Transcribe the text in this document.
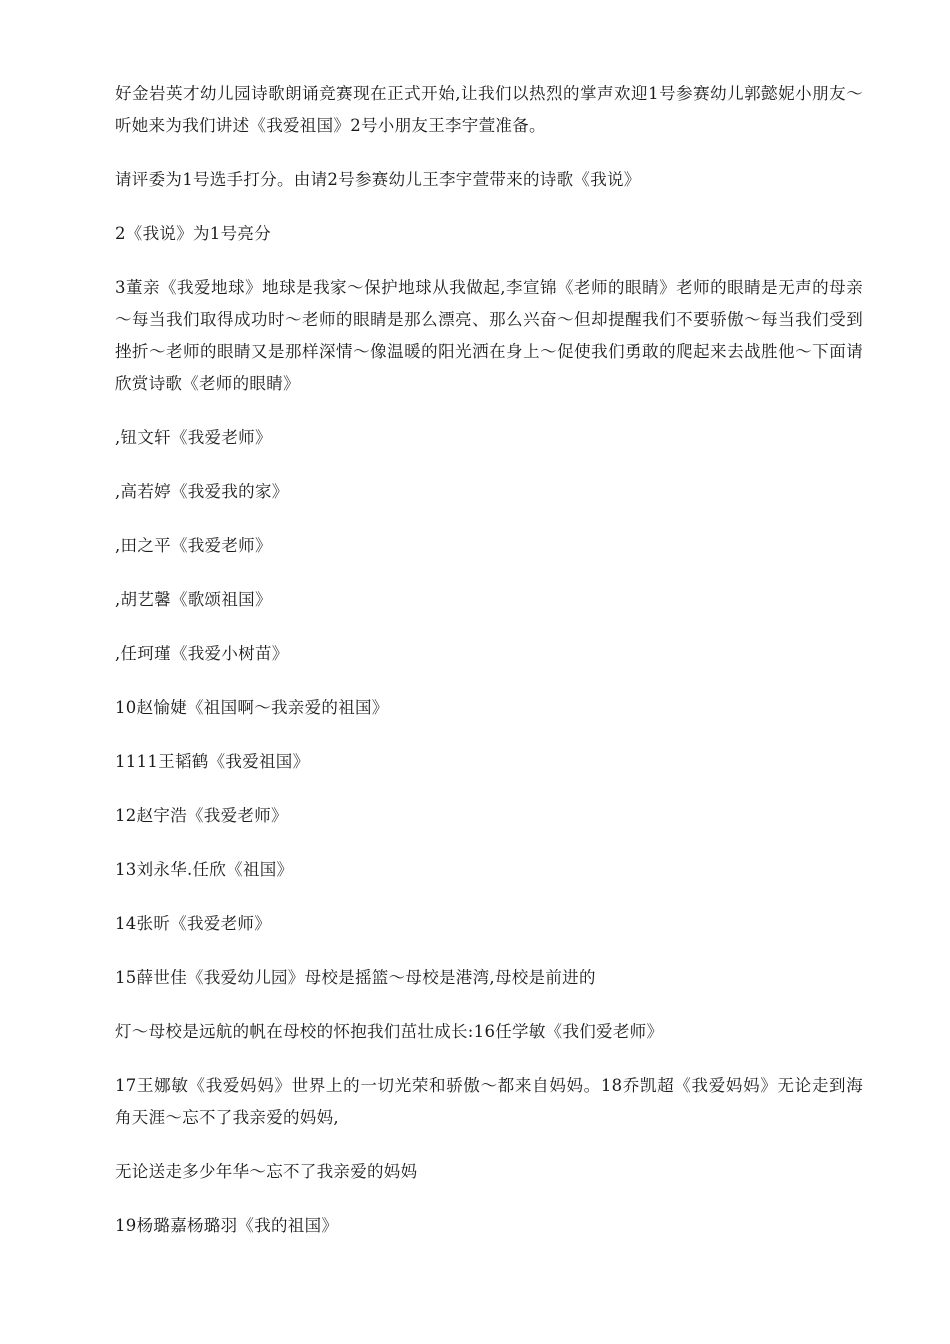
好金岩英才幼儿园诗歌朗诵竞赛现在正式开始,让我们以热烈的掌声欢迎1号参赛幼儿郭懿妮小朋友～听她来为我们讲述《我爱祖国》2号小朋友王李宇萱准备。

请评委为1号选手打分。由请2号参赛幼儿王李宇萱带来的诗歌《我说》

2《我说》为1号亮分

3董亲《我爱地球》地球是我家～保护地球从我做起,李宣锦《老师的眼睛》老师的眼睛是无声的母亲～每当我们取得成功时～老师的眼睛是那么漂亮、那么兴奋～但却提醒我们不要骄傲～每当我们受到挫折～老师的眼睛又是那样深情～像温暖的阳光洒在身上～促使我们勇敢的爬起来去战胜他～下面请欣赏诗歌《老师的眼睛》

,钮文轩《我爱老师》

,高若婷《我爱我的家》

,田之平《我爱老师》

,胡艺馨《歌颂祖国》

,任珂瑾《我爱小树苗》

10赵愉婕《祖国啊～我亲爱的祖国》

1111王韬鹤《我爱祖国》

12赵宇浩《我爱老师》

13刘永华.任欣《祖国》

14张昕《我爱老师》

15薛世佳《我爱幼儿园》母校是摇篮～母校是港湾,母校是前进的

灯～母校是远航的帆在母校的怀抱我们茁壮成长:16任学敏《我们爱老师》

17王娜敏《我爱妈妈》世界上的一切光荣和骄傲～都来自妈妈。18乔凯超《我爱妈妈》无论走到海角天涯～忘不了我亲爱的妈妈,

无论送走多少年华～忘不了我亲爱的妈妈

19杨璐嘉杨璐羽《我的祖国》
